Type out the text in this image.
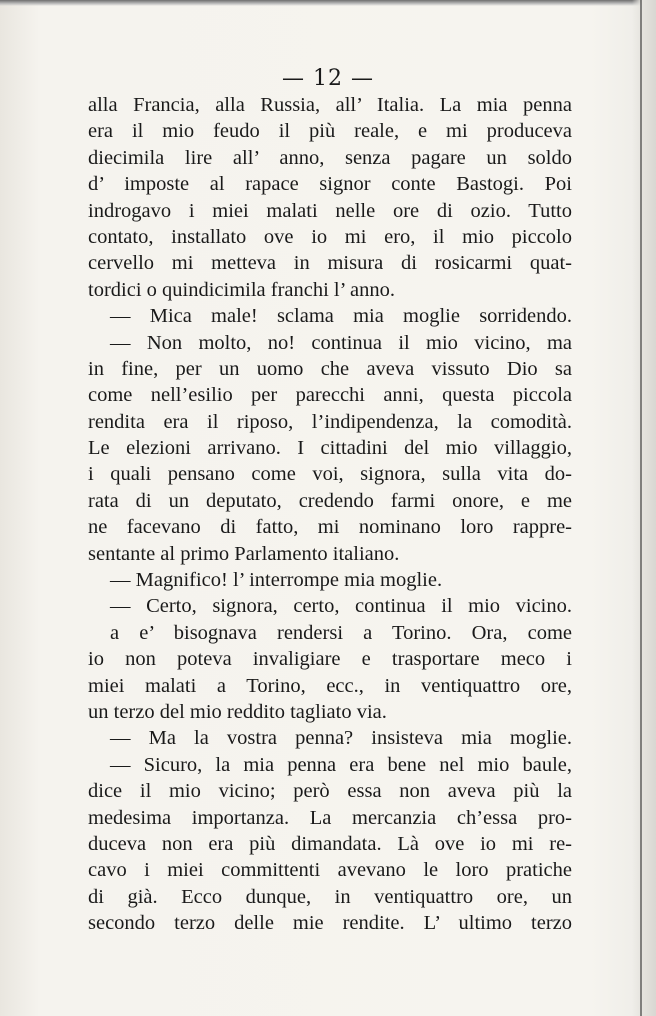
— 12 —
alla Francia, alla Russia, all’ Italia. La mia penna
era il mio feudo il più reale, e mi produceva
diecimila lire all’ anno, senza pagare un soldo
d’ imposte al rapace signor conte Bastogi. Poi
indrogavo i miei malati nelle ore di ozio. Tutto
contato, installato ove io mi ero, il mio piccolo
cervello mi metteva in misura di rosicarmi quat-
tordici o quindicimila franchi l’ anno.
— Mica male! sclama mia moglie sorridendo.
— Non molto, no! continua il mio vicino, ma
in fine, per un uomo che aveva vissuto Dio sa
come nell’esilio per parecchi anni, questa piccola
rendita era il riposo, l’indipendenza, la comodità.
Le elezioni arrivano. I cittadini del mio villaggio,
i quali pensano come voi, signora, sulla vita do-
rata di un deputato, credendo farmi onore, e me
ne facevano di fatto, mi nominano loro rappre-
sentante al primo Parlamento italiano.
— Magnifico! l’ interrompe mia moglie.
— Certo, signora, certo, continua il mio vicino.
a e’ bisognava rendersi a Torino. Ora, come
io non poteva invaligiare e trasportare meco i
miei malati a Torino, ecc., in ventiquattro ore,
un terzo del mio reddito tagliato via.
— Ma la vostra penna? insisteva mia moglie.
— Sicuro, la mia penna era bene nel mio baule,
dice il mio vicino; però essa non aveva più la
medesima importanza. La mercanzia ch’essa pro-
duceva non era più dimandata. Là ove io mi re-
cavo i miei committenti avevano le loro pratiche
di già. Ecco dunque, in ventiquattro ore, un
secondo terzo delle mie rendite. L’ ultimo terzo
